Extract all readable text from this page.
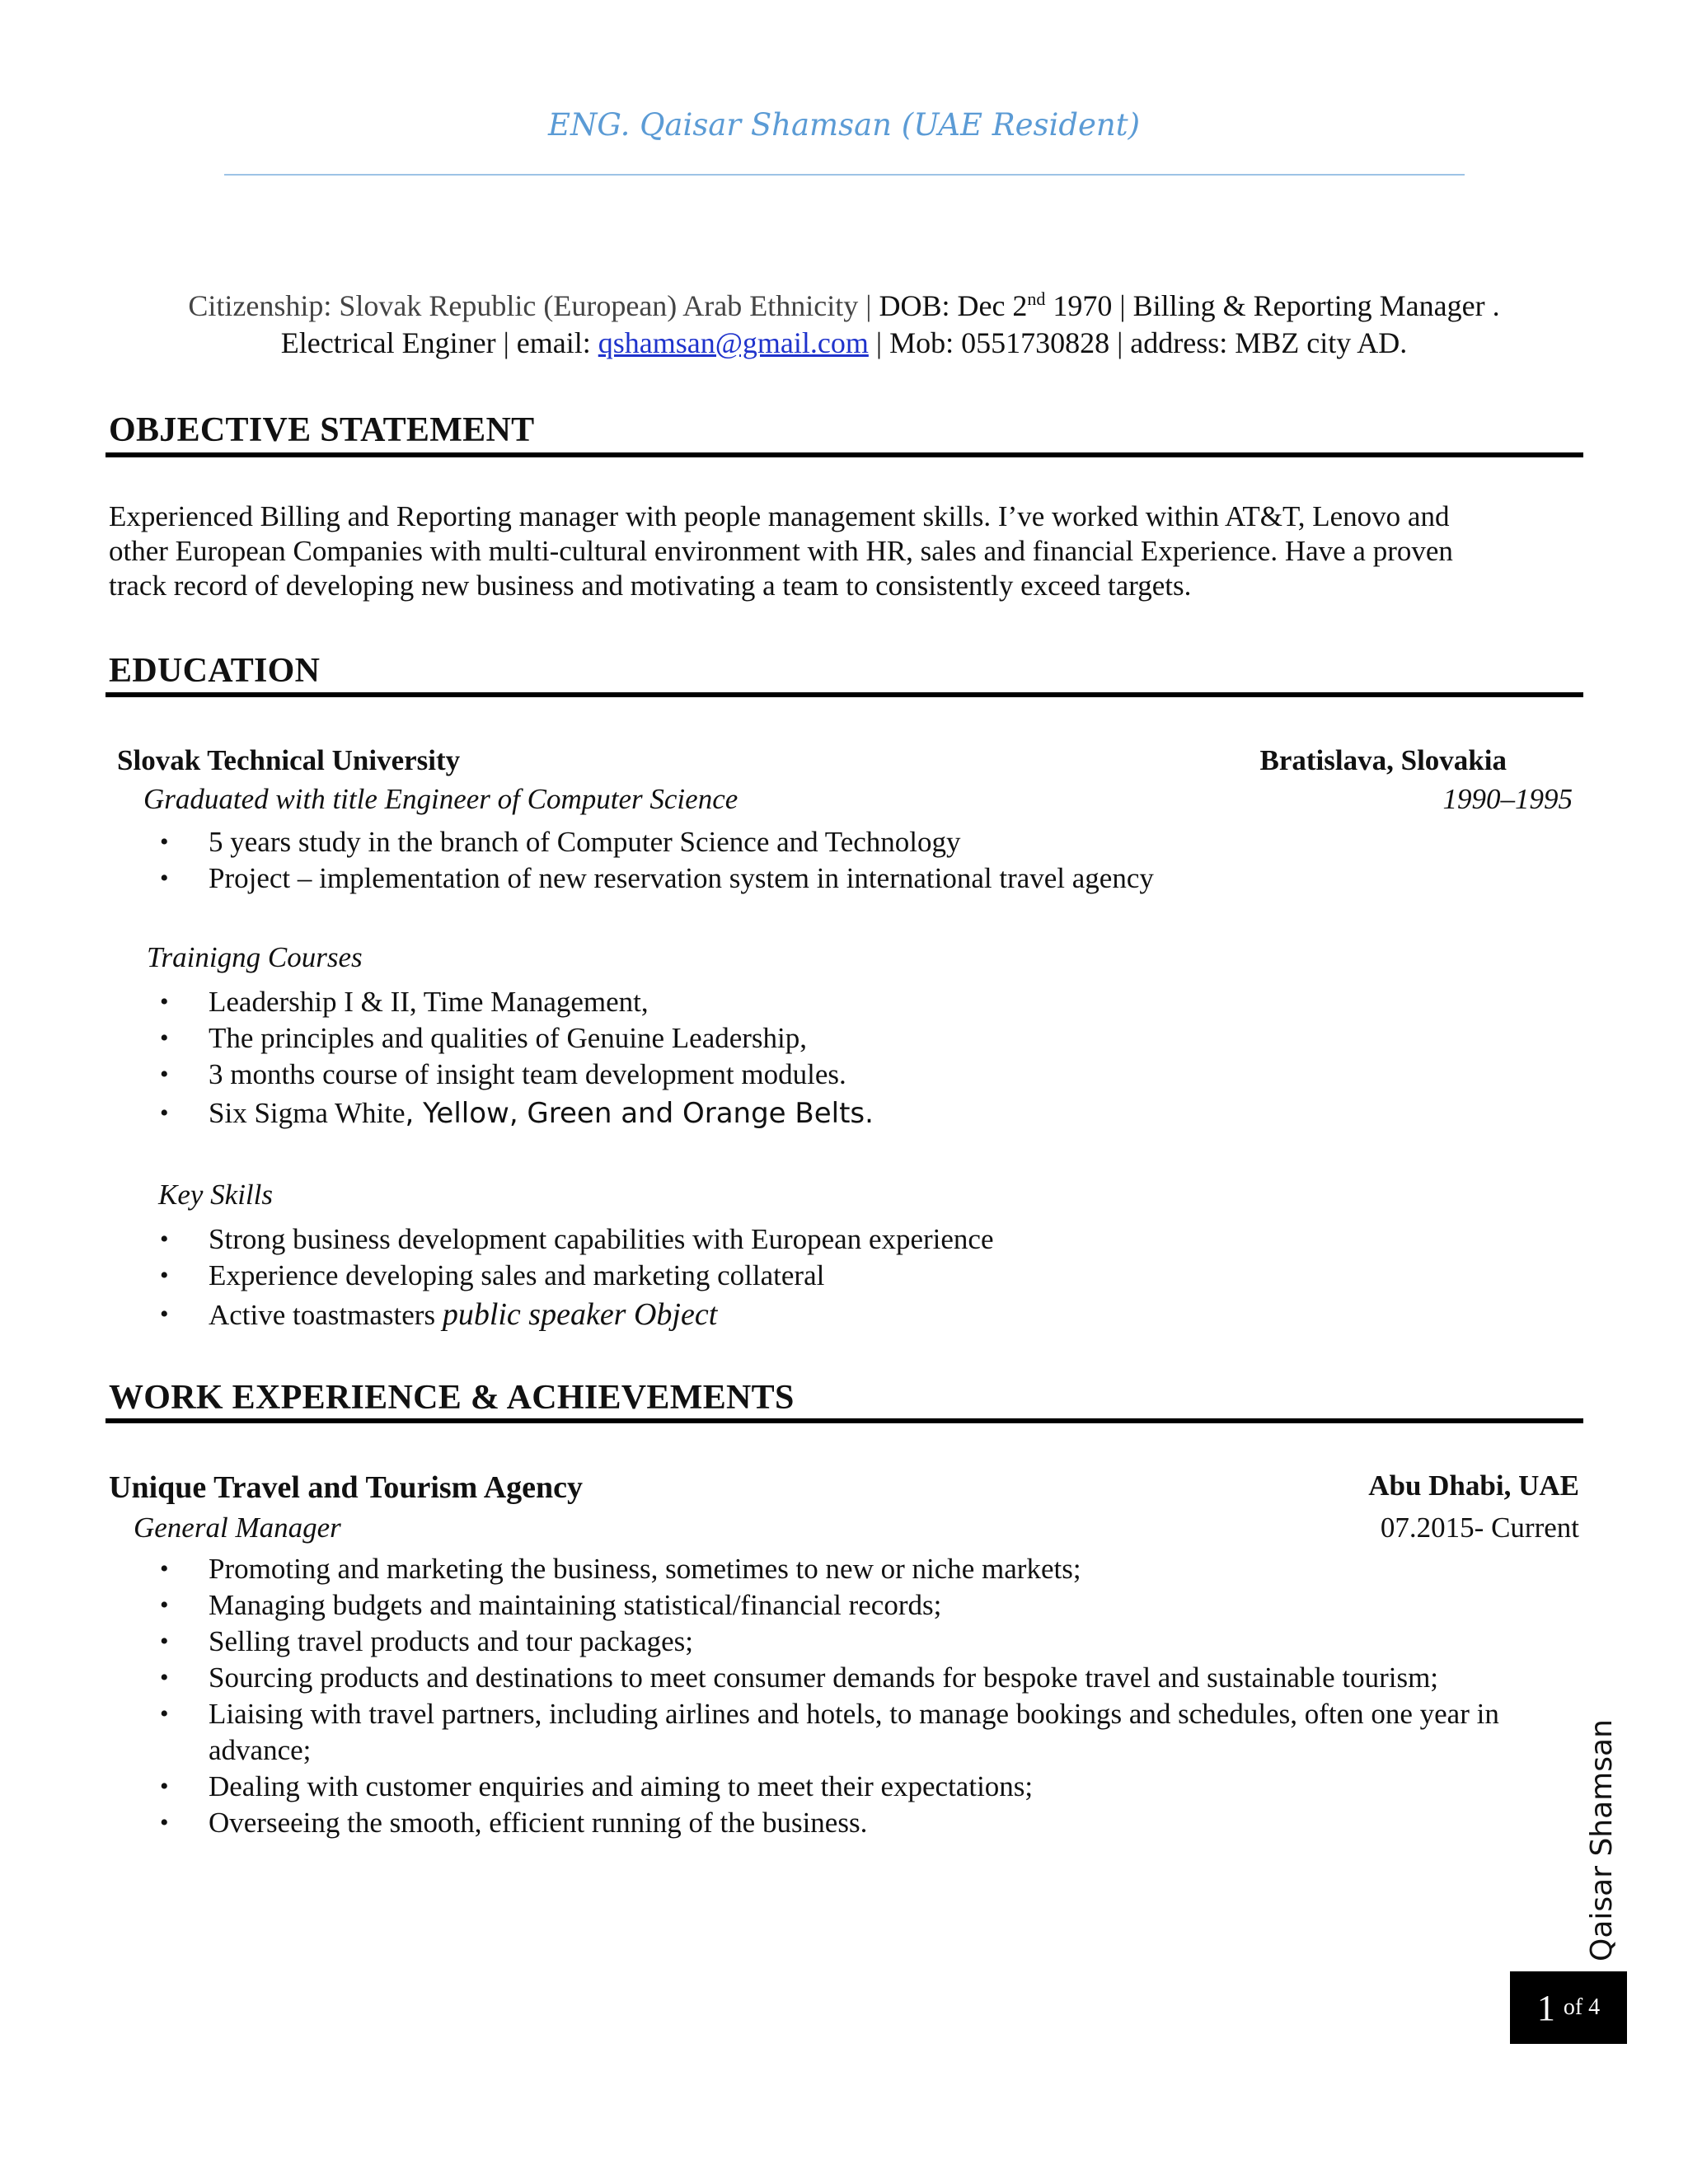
ENG. Qaisar Shamsan (UAE Resident)
Citizenship: Slovak Republic (European) Arab Ethnicity | DOB: Dec 2nd 1970 | Billing & Reporting Manager .
Electrical Enginer | email: qshamsan@gmail.com | Mob: 0551730828 | address: MBZ city AD.
OBJECTIVE STATEMENT
Experienced Billing and Reporting manager with people management skills. I’ve worked within AT&T, Lenovo and
other European Companies with multi-cultural environment with HR, sales and financial Experience. Have a proven
track record of developing new business and motivating a team to consistently exceed targets.
EDUCATION
Slovak Technical University	Bratislava, Slovakia
Graduated with title Engineer of Computer Science	1990–1995
• 5 years study in the branch of Computer Science and Technology
• Project – implementation of new reservation system in international travel agency
Trainigng Courses
• Leadership I & II, Time Management,
• The principles and qualities of Genuine Leadership,
• 3 months course of insight team development modules.
• Six Sigma White, Yellow, Green and Orange Belts.
Key Skills
• Strong business development capabilities with European experience
• Experience developing sales and marketing collateral
• Active toastmasters public speaker Object
WORK EXPERIENCE & ACHIEVEMENTS
Unique Travel and Tourism Agency	Abu Dhabi, UAE
General Manager	07.2015- Current
• Promoting and marketing the business, sometimes to new or niche markets;
• Managing budgets and maintaining statistical/financial records;
• Selling travel products and tour packages;
• Sourcing products and destinations to meet consumer demands for bespoke travel and sustainable tourism;
• Liaising with travel partners, including airlines and hotels, to manage bookings and schedules, often one year in
advance;
• Dealing with customer enquiries and aiming to meet their expectations;
• Overseeing the smooth, efficient running of the business.	Qaisar Shamsan
1 of 4
